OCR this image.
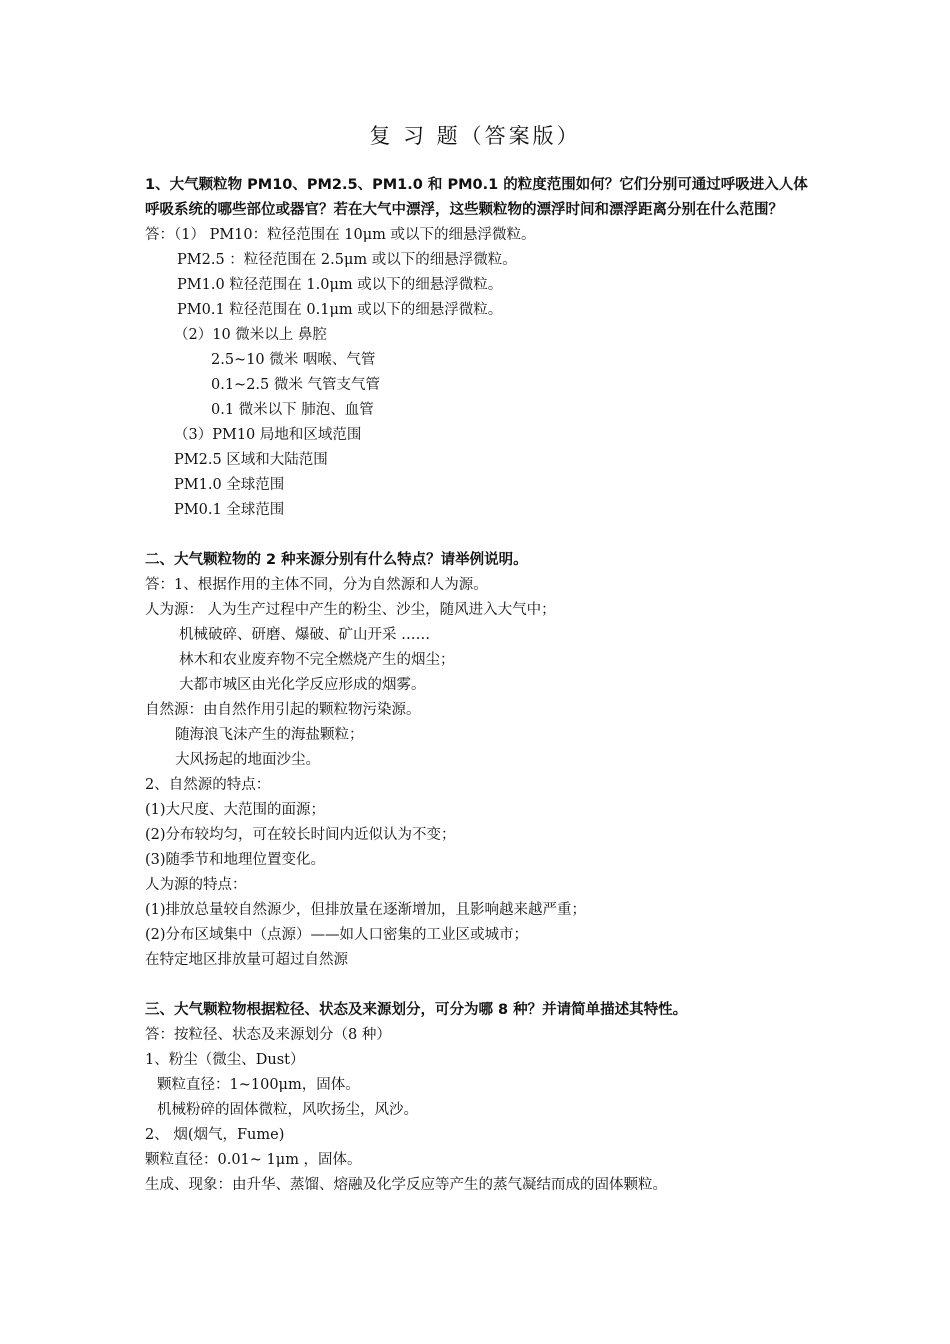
复 习 题（答案版）

1、大气颗粒物 PM10、PM2.5、PM1.0 和 PM0.1 的粒度范围如何？它们分别可通过呼吸进入人体呼吸系统的哪些部位或器官？若在大气中漂浮，这些颗粒物的漂浮时间和漂浮距离分别在什么范围？

答：（1） PM10：粒径范围在 10μm 或以下的细悬浮微粒。

PM2.5 ：粒径范围在 2.5μm 或以下的细悬浮微粒。

PM1.0 粒径范围在 1.0μm 或以下的细悬浮微粒。

PM0.1 粒径范围在 0.1μm 或以下的细悬浮微粒。

（2）10 微米以上 鼻腔

2.5~10 微米 咽喉、气管

0.1~2.5 微米 气管支气管

0.1 微米以下 肺泡、血管

（3）PM10 局地和区域范围

PM2.5 区域和大陆范围

PM1.0 全球范围

PM0.1 全球范围

二、大气颗粒物的 2 种来源分别有什么特点？请举例说明。

答：1、根据作用的主体不同，分为自然源和人为源。

人为源： 人为生产过程中产生的粉尘、沙尘，随风进入大气中；

机械破碎、研磨、爆破、矿山开采 ……

林木和农业废弃物不完全燃烧产生的烟尘；

大都市城区由光化学反应形成的烟雾。

自然源：由自然作用引起的颗粒物污染源。

随海浪飞沫产生的海盐颗粒；

大风扬起的地面沙尘。

2、自然源的特点：

(1)大尺度、大范围的面源；

(2)分布较均匀，可在较长时间内近似认为不变；

(3)随季节和地理位置变化。

人为源的特点：

(1)排放总量较自然源少，但排放量在逐渐增加，且影响越来越严重；

(2)分布区域集中（点源）——如人口密集的工业区或城市；

在特定地区排放量可超过自然源

三、大气颗粒物根据粒径、状态及来源划分，可分为哪 8 种？并请简单描述其特性。

答：按粒径、状态及来源划分（8 种）

1、粉尘（微尘、Dust）

颗粒直径：1~100μm，固体。

机械粉碎的固体微粒，风吹扬尘，风沙。

2、 烟(烟气，Fume)

颗粒直径：0.01~ 1μm ，固体。

生成、现象：由升华、蒸馏、熔融及化学反应等产生的蒸气凝结而成的固体颗粒。
